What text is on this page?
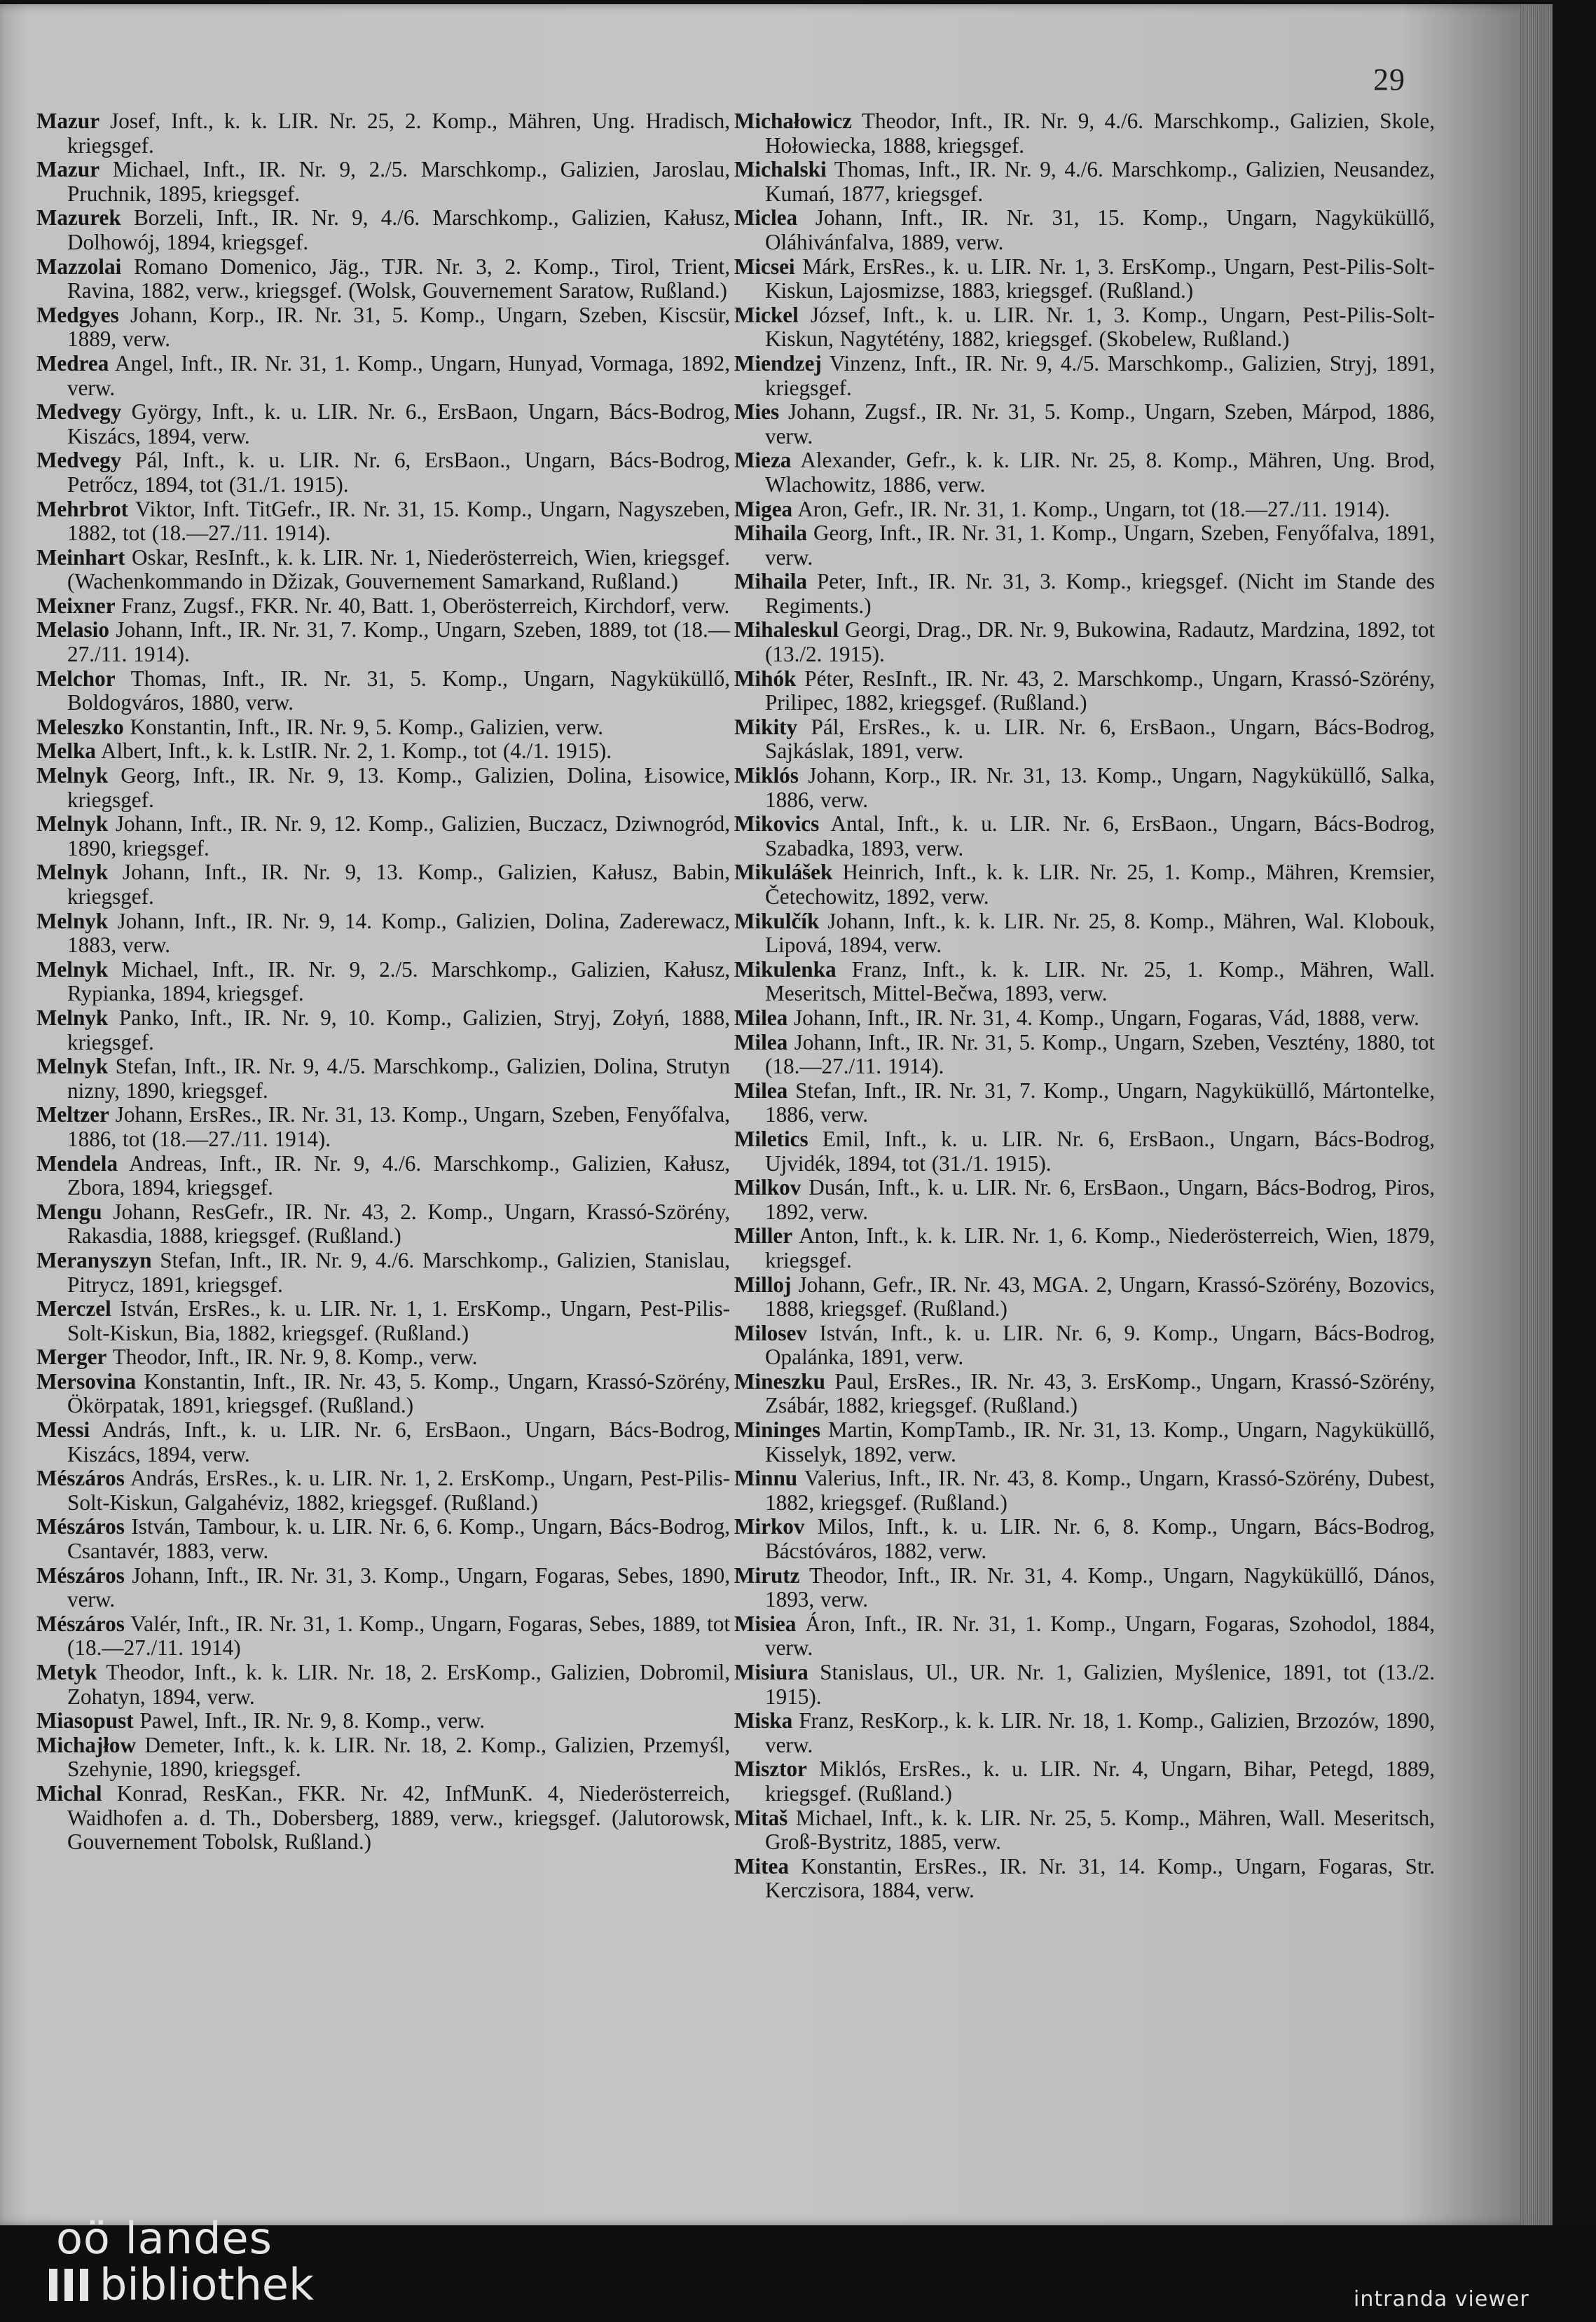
29

Mazur Josef, Inft., k. k. LIR. Nr. 25, 2. Komp., Mähren, Ung. Hradisch, kriegsgef.

Mazur Michael, Inft., IR. Nr. 9, 2./5. Marschkomp., Galizien, Jaroslau, Pruchnik, 1895, kriegsgef.

Mazurek Borzeli, Inft., IR. Nr. 9, 4./6. Marschkomp., Galizien, Kałusz, Dolhowój, 1894, kriegsgef.

Mazzolai Romano Domenico, Jäg., TJR. Nr. 3, 2. Komp., Tirol, Trient, Ravina, 1882, verw., kriegsgef. (Wolsk, Gouvernement Saratow, Rußland.)

Medgyes Johann, Korp., IR. Nr. 31, 5. Komp., Ungarn, Szeben, Kiscsür, 1889, verw.

Medrea Angel, Inft., IR. Nr. 31, 1. Komp., Ungarn, Hunyad, Vormaga, 1892, verw.

Medvegy György, Inft., k. u. LIR. Nr. 6., ErsBaon, Ungarn, Bács-Bodrog, Kiszács, 1894, verw.

Medvegy Pál, Inft., k. u. LIR. Nr. 6, ErsBaon., Ungarn, Bács-Bodrog, Petrőcz, 1894, tot (31./1. 1915).

Mehrbrot Viktor, Inft. TitGefr., IR. Nr. 31, 15. Komp., Ungarn, Nagyszeben, 1882, tot (18.—27./11. 1914).

Meinhart Oskar, ResInft., k. k. LIR. Nr. 1, Niederösterreich, Wien, kriegsgef. (Wachenkommando in Džizak, Gouvernement Samarkand, Rußland.)

Meixner Franz, Zugsf., FKR. Nr. 40, Batt. 1, Oberösterreich, Kirchdorf, verw.

Melasio Johann, Inft., IR. Nr. 31, 7. Komp., Ungarn, Szeben, 1889, tot (18.—27./11. 1914).

Melchor Thomas, Inft., IR. Nr. 31, 5. Komp., Ungarn, Nagyküküllő, Boldogváros, 1880, verw.

Meleszko Konstantin, Inft., IR. Nr. 9, 5. Komp., Galizien, verw.

Melka Albert, Inft., k. k. LstIR. Nr. 2, 1. Komp., tot (4./1. 1915).

Melnyk Georg, Inft., IR. Nr. 9, 13. Komp., Galizien, Dolina, Łisowice, kriegsgef.

Melnyk Johann, Inft., IR. Nr. 9, 12. Komp., Galizien, Buczacz, Dziwnogród, 1890, kriegsgef.

Melnyk Johann, Inft., IR. Nr. 9, 13. Komp., Galizien, Kałusz, Babin, kriegsgef.

Melnyk Johann, Inft., IR. Nr. 9, 14. Komp., Galizien, Dolina, Zaderewacz, 1883, verw.

Melnyk Michael, Inft., IR. Nr. 9, 2./5. Marschkomp., Galizien, Kałusz, Rypianka, 1894, kriegsgef.

Melnyk Panko, Inft., IR. Nr. 9, 10. Komp., Galizien, Stryj, Zołyń, 1888, kriegsgef.

Melnyk Stefan, Inft., IR. Nr. 9, 4./5. Marschkomp., Galizien, Dolina, Strutyn nizny, 1890, kriegsgef.

Meltzer Johann, ErsRes., IR. Nr. 31, 13. Komp., Ungarn, Szeben, Fenyőfalva, 1886, tot (18.—27./11. 1914).

Mendela Andreas, Inft., IR. Nr. 9, 4./6. Marschkomp., Galizien, Kałusz, Zbora, 1894, kriegsgef.

Mengu Johann, ResGefr., IR. Nr. 43, 2. Komp., Ungarn, Krassó-Szörény, Rakasdia, 1888, kriegsgef. (Rußland.)

Meranyszyn Stefan, Inft., IR. Nr. 9, 4./6. Marschkomp., Galizien, Stanislau, Pitrycz, 1891, kriegsgef.

Merczel István, ErsRes., k. u. LIR. Nr. 1, 1. ErsKomp., Ungarn, Pest-Pilis-Solt-Kiskun, Bia, 1882, kriegsgef. (Rußland.)

Merger Theodor, Inft., IR. Nr. 9, 8. Komp., verw.

Mersovina Konstantin, Inft., IR. Nr. 43, 5. Komp., Ungarn, Krassó-Szörény, Ökörpatak, 1891, kriegsgef. (Rußland.)

Messi András, Inft., k. u. LIR. Nr. 6, ErsBaon., Ungarn, Bács-Bodrog, Kiszács, 1894, verw.

Mészáros András, ErsRes., k. u. LIR. Nr. 1, 2. ErsKomp., Ungarn, Pest-Pilis-Solt-Kiskun, Galgahéviz, 1882, kriegsgef. (Rußland.)

Mészáros István, Tambour, k. u. LIR. Nr. 6, 6. Komp., Ungarn, Bács-Bodrog, Csantavér, 1883, verw.

Mészáros Johann, Inft., IR. Nr. 31, 3. Komp., Ungarn, Fogaras, Sebes, 1890, verw.

Mészáros Valér, Inft., IR. Nr. 31, 1. Komp., Ungarn, Fogaras, Sebes, 1889, tot (18.—27./11. 1914)

Metyk Theodor, Inft., k. k. LIR. Nr. 18, 2. ErsKomp., Galizien, Dobromil, Zohatyn, 1894, verw.

Miasopust Pawel, Inft., IR. Nr. 9, 8. Komp., verw.

Michajłow Demeter, Inft., k. k. LIR. Nr. 18, 2. Komp., Galizien, Przemyśl, Szehynie, 1890, kriegsgef.

Michal Konrad, ResKan., FKR. Nr. 42, InfMunK. 4, Niederösterreich, Waidhofen a. d. Th., Dobersberg, 1889, verw., kriegsgef. (Jalutorowsk, Gouvernement Tobolsk, Rußland.)

Michałowicz Theodor, Inft., IR. Nr. 9, 4./6. Marschkomp., Galizien, Skole, Hołowiecka, 1888, kriegsgef.

Michalski Thomas, Inft., IR. Nr. 9, 4./6. Marschkomp., Galizien, Neusandez, Kumań, 1877, kriegsgef.

Miclea Johann, Inft., IR. Nr. 31, 15. Komp., Ungarn, Nagyküküllő, Oláhivánfalva, 1889, verw.

Micsei Márk, ErsRes., k. u. LIR. Nr. 1, 3. ErsKomp., Ungarn, Pest-Pilis-Solt-Kiskun, Lajosmizse, 1883, kriegsgef. (Rußland.)

Mickel József, Inft., k. u. LIR. Nr. 1, 3. Komp., Ungarn, Pest-Pilis-Solt-Kiskun, Nagytétény, 1882, kriegsgef. (Skobelew, Rußland.)

Miendzej Vinzenz, Inft., IR. Nr. 9, 4./5. Marschkomp., Galizien, Stryj, 1891, kriegsgef.

Mies Johann, Zugsf., IR. Nr. 31, 5. Komp., Ungarn, Szeben, Márpod, 1886, verw.

Mieza Alexander, Gefr., k. k. LIR. Nr. 25, 8. Komp., Mähren, Ung. Brod, Wlachowitz, 1886, verw.

Migea Aron, Gefr., IR. Nr. 31, 1. Komp., Ungarn, tot (18.—27./11. 1914).

Mihaila Georg, Inft., IR. Nr. 31, 1. Komp., Ungarn, Szeben, Fenyőfalva, 1891, verw.

Mihaila Peter, Inft., IR. Nr. 31, 3. Komp., kriegsgef. (Nicht im Stande des Regiments.)

Mihaleskul Georgi, Drag., DR. Nr. 9, Bukowina, Radautz, Mardzina, 1892, tot (13./2. 1915).

Mihók Péter, ResInft., IR. Nr. 43, 2. Marschkomp., Ungarn, Krassó-Szörény, Prilipec, 1882, kriegsgef. (Rußland.)

Mikity Pál, ErsRes., k. u. LIR. Nr. 6, ErsBaon., Ungarn, Bács-Bodrog, Sajkáslak, 1891, verw.

Miklós Johann, Korp., IR. Nr. 31, 13. Komp., Ungarn, Nagyküküllő, Salka, 1886, verw.

Mikovics Antal, Inft., k. u. LIR. Nr. 6, ErsBaon., Ungarn, Bács-Bodrog, Szabadka, 1893, verw.

Mikulášek Heinrich, Inft., k. k. LIR. Nr. 25, 1. Komp., Mähren, Kremsier, Četechowitz, 1892, verw.

Mikulčík Johann, Inft., k. k. LIR. Nr. 25, 8. Komp., Mähren, Wal. Klobouk, Lipová, 1894, verw.

Mikulenka Franz, Inft., k. k. LIR. Nr. 25, 1. Komp., Mähren, Wall. Meseritsch, Mittel-Bečwa, 1893, verw.

Milea Johann, Inft., IR. Nr. 31, 4. Komp., Ungarn, Fogaras, Vád, 1888, verw.

Milea Johann, Inft., IR. Nr. 31, 5. Komp., Ungarn, Szeben, Vesztény, 1880, tot (18.—27./11. 1914).

Milea Stefan, Inft., IR. Nr. 31, 7. Komp., Ungarn, Nagyküküllő, Mártontelke, 1886, verw.

Miletics Emil, Inft., k. u. LIR. Nr. 6, ErsBaon., Ungarn, Bács-Bodrog, Ujvidék, 1894, tot (31./1. 1915).

Milkov Dusán, Inft., k. u. LIR. Nr. 6, ErsBaon., Ungarn, Bács-Bodrog, Piros, 1892, verw.

Miller Anton, Inft., k. k. LIR. Nr. 1, 6. Komp., Niederösterreich, Wien, 1879, kriegsgef.

Milloj Johann, Gefr., IR. Nr. 43, MGA. 2, Ungarn, Krassó-Szörény, Bozovics, 1888, kriegsgef. (Rußland.)

Milosev István, Inft., k. u. LIR. Nr. 6, 9. Komp., Ungarn, Bács-Bodrog, Opalánka, 1891, verw.

Mineszku Paul, ErsRes., IR. Nr. 43, 3. ErsKomp., Ungarn, Krassó-Szörény, Zsábár, 1882, kriegsgef. (Rußland.)

Mininges Martin, KompTamb., IR. Nr. 31, 13. Komp., Ungarn, Nagyküküllő, Kisselyk, 1892, verw.

Minnu Valerius, Inft., IR. Nr. 43, 8. Komp., Ungarn, Krassó-Szörény, Dubest, 1882, kriegsgef. (Rußland.)

Mirkov Milos, Inft., k. u. LIR. Nr. 6, 8. Komp., Ungarn, Bács-Bodrog, Bácstóváros, 1882, verw.

Mirutz Theodor, Inft., IR. Nr. 31, 4. Komp., Ungarn, Nagyküküllő, Dános, 1893, verw.

Misiea Áron, Inft., IR. Nr. 31, 1. Komp., Ungarn, Fogaras, Szohodol, 1884, verw.

Misiura Stanislaus, Ul., UR. Nr. 1, Galizien, Myślenice, 1891, tot (13./2. 1915).

Miska Franz, ResKorp., k. k. LIR. Nr. 18, 1. Komp., Galizien, Brzozów, 1890, verw.

Misztor Miklós, ErsRes., k. u. LIR. Nr. 4, Ungarn, Bihar, Petegd, 1889, kriegsgef. (Rußland.)

Mitaš Michael, Inft., k. k. LIR. Nr. 25, 5. Komp., Mähren, Wall. Meseritsch, Groß-Bystritz, 1885, verw.

Mitea Konstantin, ErsRes., IR. Nr. 31, 14. Komp., Ungarn, Fogaras, Str. Kerczisora, 1884, verw.

oö landes
bibliothek	intranda viewer
